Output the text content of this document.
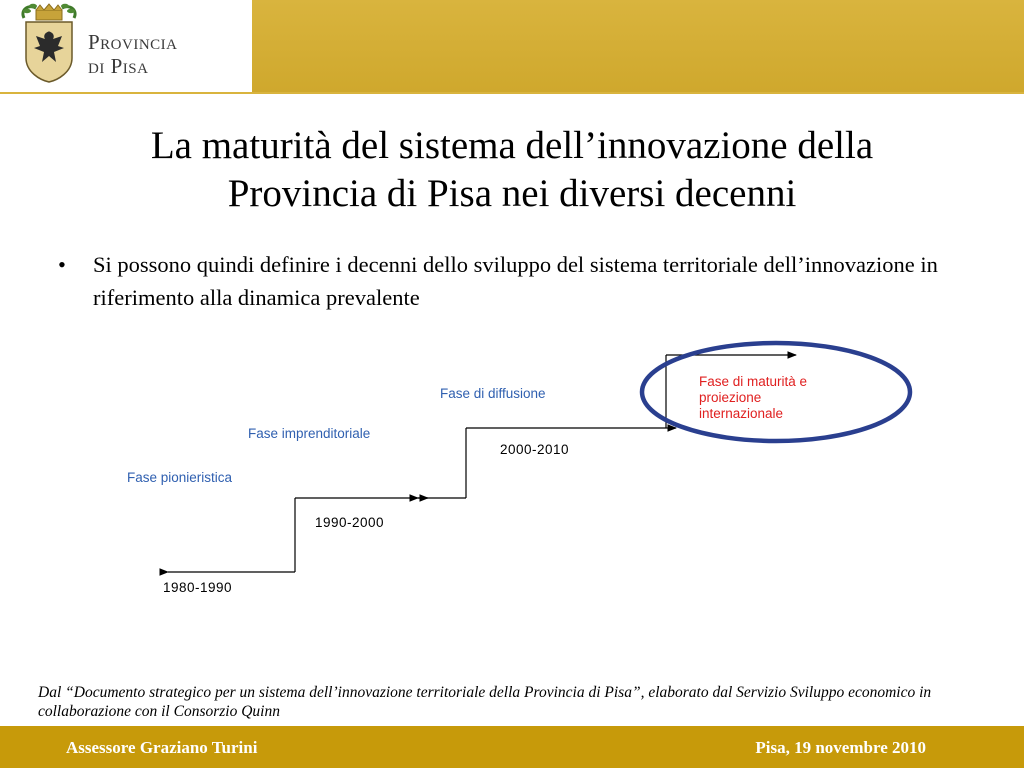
Provincia
di Pisa
La maturità del sistema dell’innovazione della
Provincia di Pisa nei diversi decenni
• Si possono quindi definire i decenni dello sviluppo del sistema territoriale dell’innovazione in riferimento alla dinamica prevalente
Fase pionieristica
1980-1990
Fase imprenditoriale
1990-2000
Fase di diffusione
2000-2010
Fase di maturità e
proiezione
internazionale
Dal “Documento strategico per un sistema dell’innovazione territoriale della Provincia di Pisa”, elaborato dal Servizio Sviluppo economico in collaborazione con il Consorzio Quinn
Assessore Graziano Turini	Pisa, 19 novembre 2010
